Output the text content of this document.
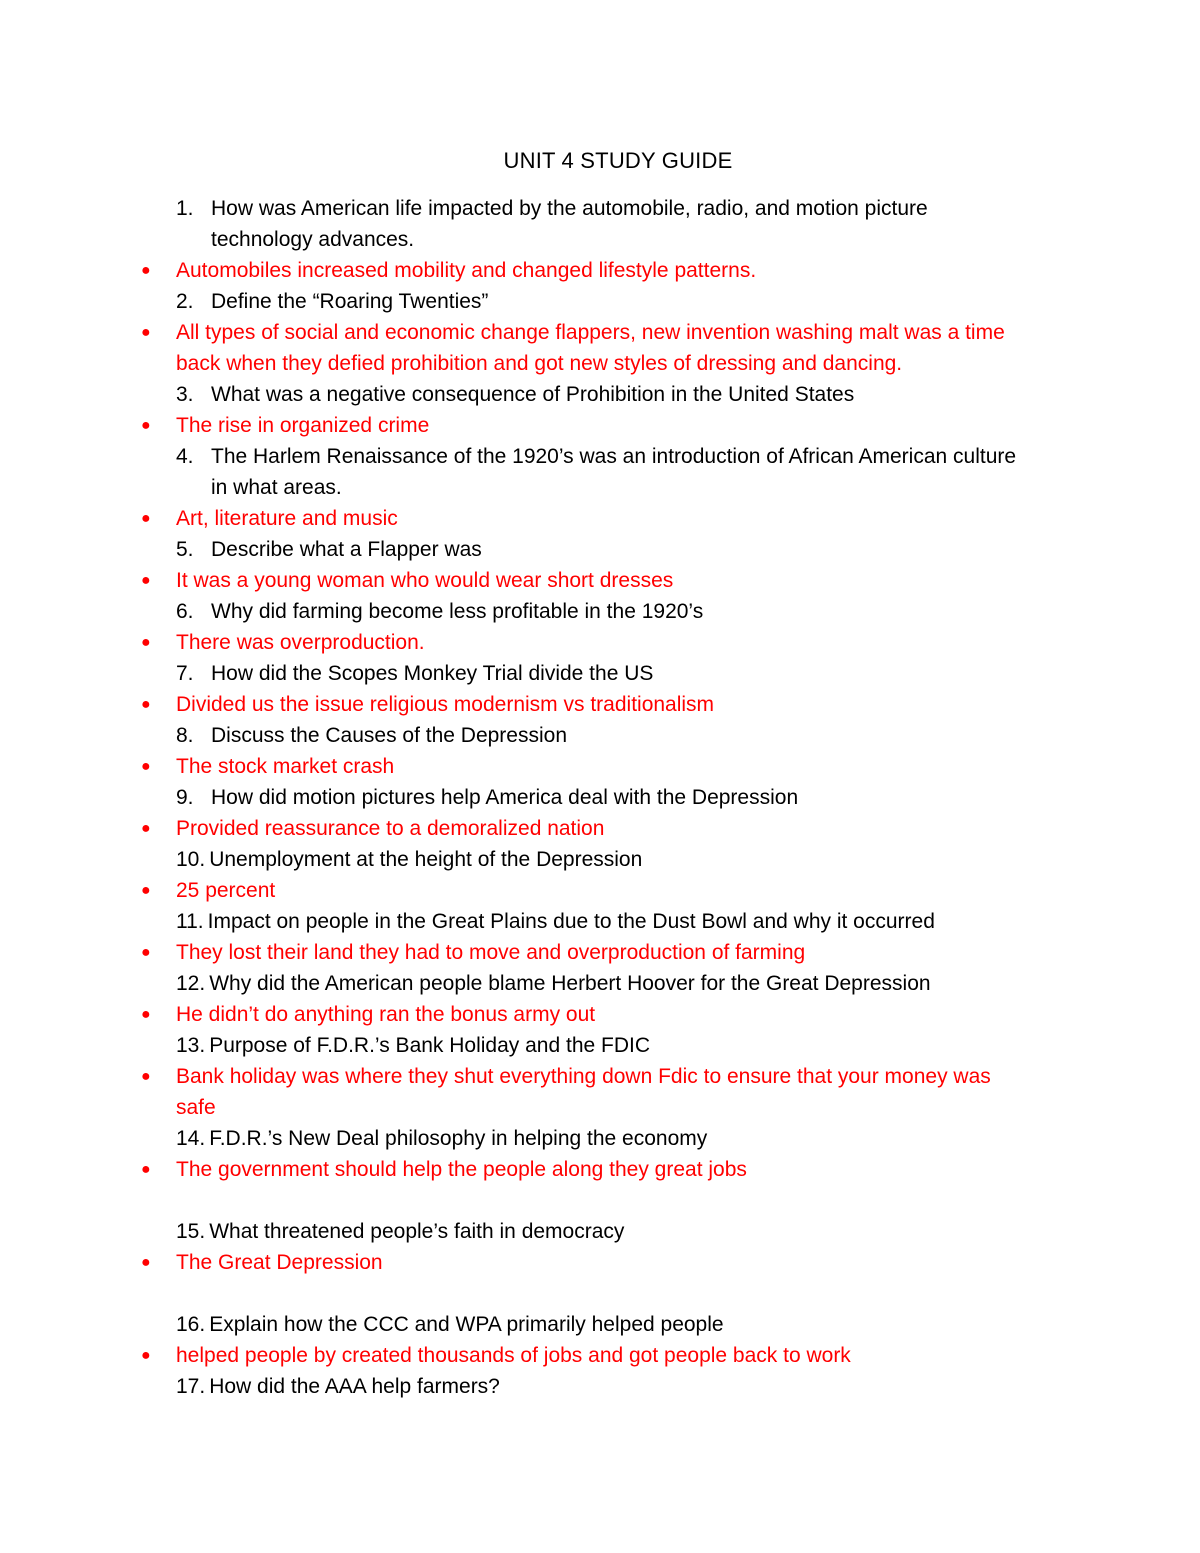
UNIT 4 STUDY GUIDE
1. How was American life impacted by the automobile, radio, and motion picture
technology advances.
● Automobiles increased mobility and changed lifestyle patterns.
2. Define the “Roaring Twenties”
● All types of social and economic change flappers, new invention washing malt was a time
back when they defied prohibition and got new styles of dressing and dancing.
3. What was a negative consequence of Prohibition in the United States
● The rise in organized crime
4. The Harlem Renaissance of the 1920’s was an introduction of African American culture
in what areas.
● Art, literature and music
5. Describe what a Flapper was
● It was a young woman who would wear short dresses
6. Why did farming become less profitable in the 1920’s
● There was overproduction.
7. How did the Scopes Monkey Trial divide the US
● Divided us the issue religious modernism vs traditionalism
8. Discuss the Causes of the Depression
● The stock market crash
9. How did motion pictures help America deal with the Depression
● Provided reassurance to a demoralized nation
10. Unemployment at the height of the Depression
● 25 percent
11. Impact on people in the Great Plains due to the Dust Bowl and why it occurred
● They lost their land they had to move and overproduction of farming
12. Why did the American people blame Herbert Hoover for the Great Depression
● He didn’t do anything ran the bonus army out
13. Purpose of F.D.R.’s Bank Holiday and the FDIC
● Bank holiday was where they shut everything down Fdic to ensure that your money was
safe
14. F.D.R.’s New Deal philosophy in helping the economy
● The government should help the people along they great jobs
15. What threatened people’s faith in democracy
● The Great Depression
16. Explain how the CCC and WPA primarily helped people
● helped people by created thousands of jobs and got people back to work
17. How did the AAA help farmers?
